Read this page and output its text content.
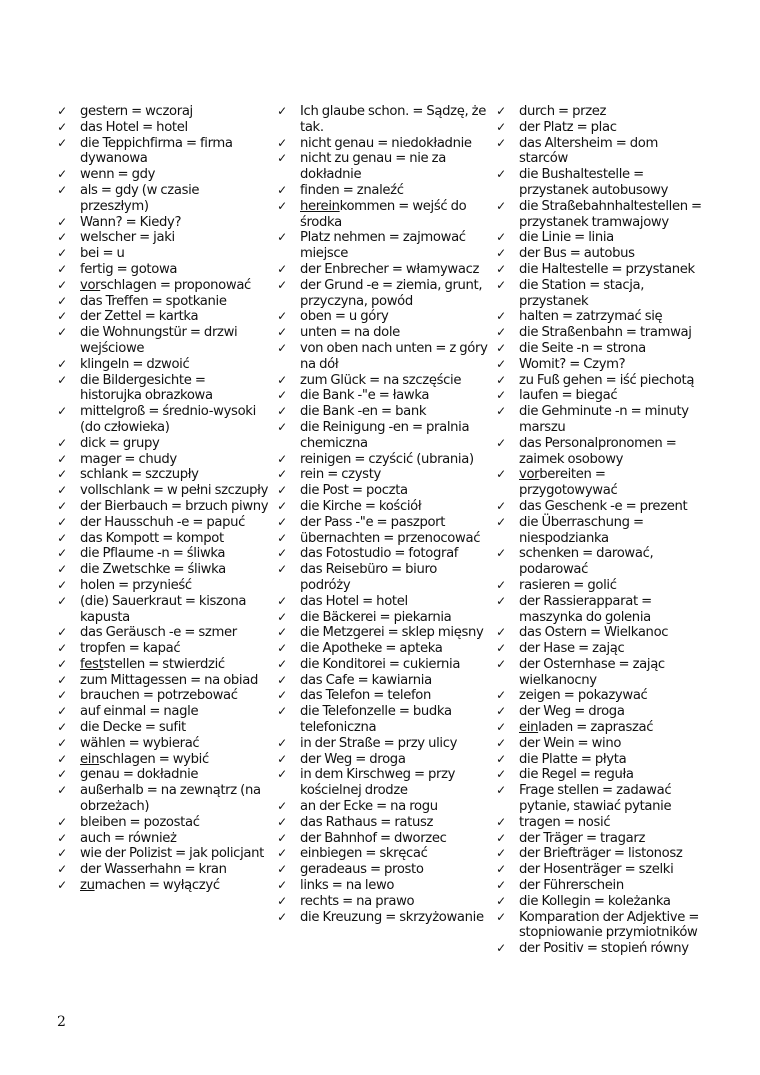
✓ gestern = wczoraj
✓ das Hotel = hotel
✓ die Teppichfirma = firma dywanowa
✓ wenn = gdy
✓ als = gdy (w czasie przeszłym)
✓ Wann? = Kiedy?
✓ welscher = jaki
✓ bei = u
✓ fertig = gotowa
✓ vorschlagen = proponować
✓ das Treffen = spotkanie
✓ der Zettel = kartka
✓ die Wohnungstür = drzwi wejściowe
✓ klingeln = dzwoić
✓ die Bildergesichte = historujka obrazkowa
✓ mittelgroß = średnio-wysoki (do człowieka)
✓ dick = grupy
✓ mager = chudy
✓ schlank = szczupły
✓ vollschlank = w pełni szczupły
✓ der Bierbauch = brzuch piwny
✓ der Hausschuh -e = papuć
✓ das Kompott = kompot
✓ die Pflaume -n = śliwka
✓ die Zwetschke = śliwka
✓ holen = przynieść
✓ (die) Sauerkraut = kiszona kapusta
✓ das Geräusch -e = szmer
✓ tropfen = kapać
✓ feststellen = stwierdzić
✓ zum Mittagessen = na obiad
✓ brauchen = potrzebować
✓ auf einmal = nagle
✓ die Decke = sufit
✓ wählen = wybierać
✓ einschlagen = wybić
✓ genau = dokładnie
✓ außerhalb = na zewnątrz (na obrzeżach)
✓ bleiben = pozostać
✓ auch = również
✓ wie der Polizist = jak policjant
✓ der Wasserhahn = kran
✓ zumachen = wyłączyć
✓ Ich glaube schon. = Sądzę, że tak.
✓ nicht genau = niedokładnie
✓ nicht zu genau = nie za dokładnie
✓ finden = znaleźć
✓ hereinkommen = wejść do środka
✓ Platz nehmen = zajmować miejsce
✓ der Enbrecher = włamywacz
✓ der Grund -e = ziemia, grunt, przyczyna, powód
✓ oben = u góry
✓ unten = na dole
✓ von oben nach unten = z góry na dół
✓ zum Glück = na szczęście
✓ die Bank -"e = ławka
✓ die Bank -en = bank
✓ die Reinigung -en = pralnia chemiczna
✓ reinigen = czyścić (ubrania)
✓ rein = czysty
✓ die Post = poczta
✓ die Kirche = kościół
✓ der Pass -"e = paszport
✓ übernachten = przenocować
✓ das Fotostudio = fotograf
✓ das Reisebüro = biuro podróży
✓ das Hotel = hotel
✓ die Bäckerei = piekarnia
✓ die Metzgerei = sklep mięsny
✓ die Apotheke = apteka
✓ die Konditorei = cukiernia
✓ das Cafe = kawiarnia
✓ das Telefon = telefon
✓ die Telefonzelle = budka telefoniczna
✓ in der Straße = przy ulicy
✓ der Weg = droga
✓ in dem Kirschweg = przy kościelnej drodze
✓ an der Ecke = na rogu
✓ das Rathaus = ratusz
✓ der Bahnhof = dworzec
✓ einbiegen = skręcać
✓ geradeaus = prosto
✓ links = na lewo
✓ rechts = na prawo
✓ die Kreuzung = skrzyżowanie
✓ durch = przez
✓ der Platz = plac
✓ das Altersheim = dom starców
✓ die Bushaltestelle = przystanek autobusowy
✓ die Straßebahnhaltestellen = przystanek tramwajowy
✓ die Linie = linia
✓ der Bus = autobus
✓ die Haltestelle = przystanek
✓ die Station = stacja, przystanek
✓ halten = zatrzymać się
✓ die Straßenbahn = tramwaj
✓ die Seite -n = strona
✓ Womit? = Czym?
✓ zu Fuß gehen = iść piechotą
✓ laufen = biegać
✓ die Gehminute -n = minuty marszu
✓ das Personalpronomen = zaimek osobowy
✓ vorbereiten = przygotowywać
✓ das Geschenk -e = prezent
✓ die Überraschung = niespodzianka
✓ schenken = darować, podarować
✓ rasieren = golić
✓ der Rassierapparat = maszynka do golenia
✓ das Ostern = Wielkanoc
✓ der Hase = zając
✓ der Osternhase = zając wielkanocny
✓ zeigen = pokazywać
✓ der Weg = droga
✓ einladen = zapraszać
✓ der Wein = wino
✓ die Platte = płyta
✓ die Regel = reguła
✓ Frage stellen = zadawać pytanie, stawiać pytanie
✓ tragen = nosić
✓ der Träger = tragarz
✓ der Briefträger = listonosz
✓ der Hosenträger = szelki
✓ der Führerschein
✓ die Kollegin = koleżanka
✓ Komparation der Adjektive = stopniowanie przymiotników
✓ der Positiv = stopień równy
2
